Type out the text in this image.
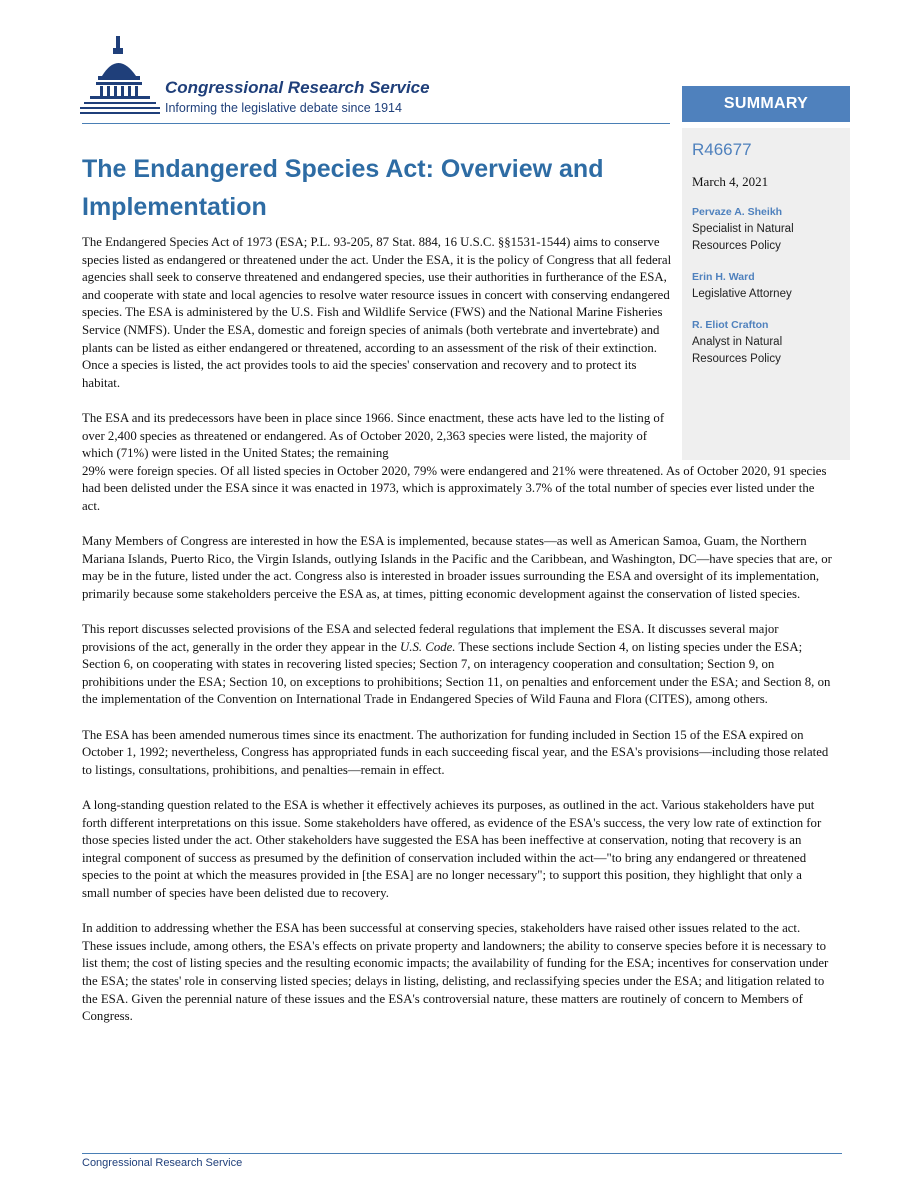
Congressional Research Service
Informing the legislative debate since 1914	SUMMARY
R46677
March 4, 2021
Pervaze A. Sheikh
Specialist in Natural Resources Policy
Erin H. Ward
Legislative Attorney
R. Eliot Crafton
Analyst in Natural Resources Policy
The Endangered Species Act: Overview and Implementation

The Endangered Species Act of 1973 (ESA; P.L. 93-205, 87 Stat. 884, 16 U.S.C. §§1531-1544) aims to conserve species listed as endangered or threatened under the act. Under the ESA, it is the policy of Congress that all federal agencies shall seek to conserve threatened and endangered species, use their authorities in furtherance of the ESA, and cooperate with state and local agencies to resolve water resource issues in concert with conserving endangered species. The ESA is administered by the U.S. Fish and Wildlife Service (FWS) and the National Marine Fisheries Service (NMFS). Under the ESA, domestic and foreign species of animals (both vertebrate and invertebrate) and plants can be listed as either endangered or threatened, according to an assessment of the risk of their extinction. Once a species is listed, the act provides tools to aid the species' conservation and recovery and to protect its habitat.

The ESA and its predecessors have been in place since 1966. Since enactment, these acts have led to the listing of over 2,400 species as threatened or endangered. As of October 2020, 2,363 species were listed, the majority of which (71%) were listed in the United States; the remaining
29% were foreign species. Of all listed species in October 2020, 79% were endangered and 21% were threatened. As of October 2020, 91 species had been delisted under the ESA since it was enacted in 1973, which is approximately 3.7% of the total number of species ever listed under the act.

Many Members of Congress are interested in how the ESA is implemented, because states—as well as American Samoa, Guam, the Northern Mariana Islands, Puerto Rico, the Virgin Islands, outlying Islands in the Pacific and the Caribbean, and Washington, DC—have species that are, or may be in the future, listed under the act. Congress also is interested in broader issues surrounding the ESA and oversight of its implementation, primarily because some stakeholders perceive the ESA as, at times, pitting economic development against the conservation of listed species.

This report discusses selected provisions of the ESA and selected federal regulations that implement the ESA. It discusses several major provisions of the act, generally in the order they appear in the U.S. Code. These sections include Section 4, on listing species under the ESA; Section 6, on cooperating with states in recovering listed species; Section 7, on interagency cooperation and consultation; Section 9, on prohibitions under the ESA; Section 10, on exceptions to prohibitions; Section 11, on penalties and enforcement under the ESA; and Section 8, on the implementation of the Convention on International Trade in Endangered Species of Wild Fauna and Flora (CITES), among others.

The ESA has been amended numerous times since its enactment. The authorization for funding included in Section 15 of the ESA expired on October 1, 1992; nevertheless, Congress has appropriated funds in each succeeding fiscal year, and the ESA's provisions—including those related to listings, consultations, prohibitions, and penalties—remain in effect.

A long-standing question related to the ESA is whether it effectively achieves its purposes, as outlined in the act. Various stakeholders have put forth different interpretations on this issue. Some stakeholders have offered, as evidence of the ESA's success, the very low rate of extinction for those species listed under the act. Other stakeholders have suggested the ESA has been ineffective at conservation, noting that recovery is an integral component of success as presumed by the definition of conservation included within the act—"to bring any endangered or threatened species to the point at which the measures provided in [the ESA] are no longer necessary"; to support this position, they highlight that only a small number of species have been delisted due to recovery.

In addition to addressing whether the ESA has been successful at conserving species, stakeholders have raised other issues related to the act. These issues include, among others, the ESA's effects on private property and landowners; the ability to conserve species before it is necessary to list them; the cost of listing species and the resulting economic impacts; the availability of funding for the ESA; incentives for conservation under the ESA; the states' role in conserving listed species; delays in listing, delisting, and reclassifying species under the ESA; and litigation related to the ESA. Given the perennial nature of these issues and the ESA's controversial nature, these matters are routinely of concern to Members of Congress.

Congressional Research Service
